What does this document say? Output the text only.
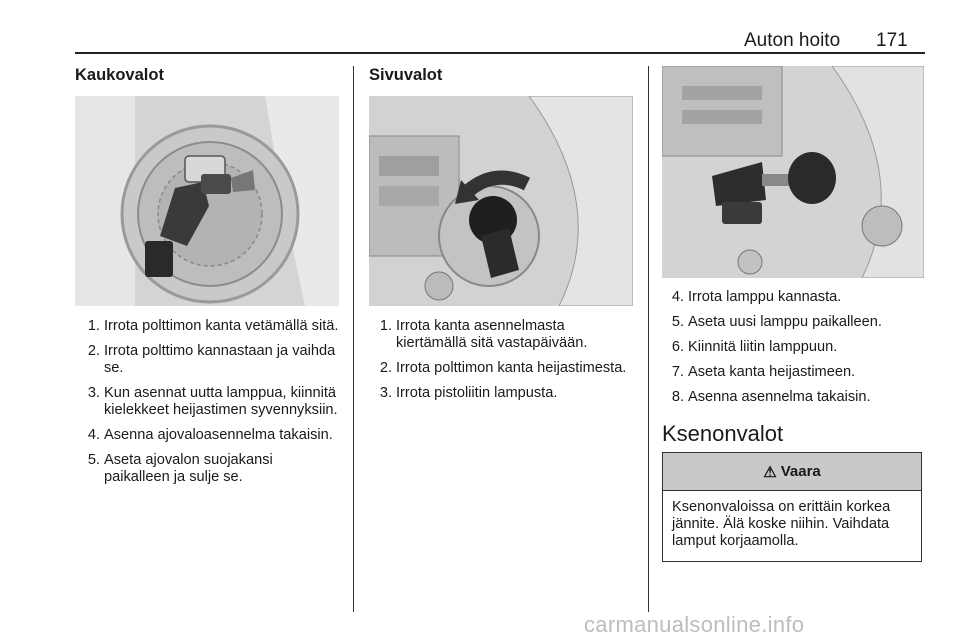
Auton hoito 171
Kaukovalot
1. Irrota polttimon kanta vetämällä sitä.
2. Irrota polttimo kannastaan ja vaihda se.
3. Kun asennat uutta lamppua, kiinnitä kielekkeet heijastimen syvennyksiin.
4. Asenna ajovaloasennelma takaisin.
5. Aseta ajovalon suojakansi paikalleen ja sulje se.
Sivuvalot
1. Irrota kanta asennelmasta kiertämällä sitä vastapäivään.
2. Irrota polttimon kanta heijastimesta.
3. Irrota pistoliitin lampusta.
4. Irrota lamppu kannasta.
5. Aseta uusi lamppu paikalleen.
6. Kiinnitä liitin lamppuun.
7. Aseta kanta heijastimeen.
8. Asenna asennelma takaisin.
Ksenonvalot
⚠ Vaara
Ksenonvaloissa on erittäin korkea jännite. Älä koske niihin. Vaihdata lamput korjaamolla.
carmanualsonline.info
